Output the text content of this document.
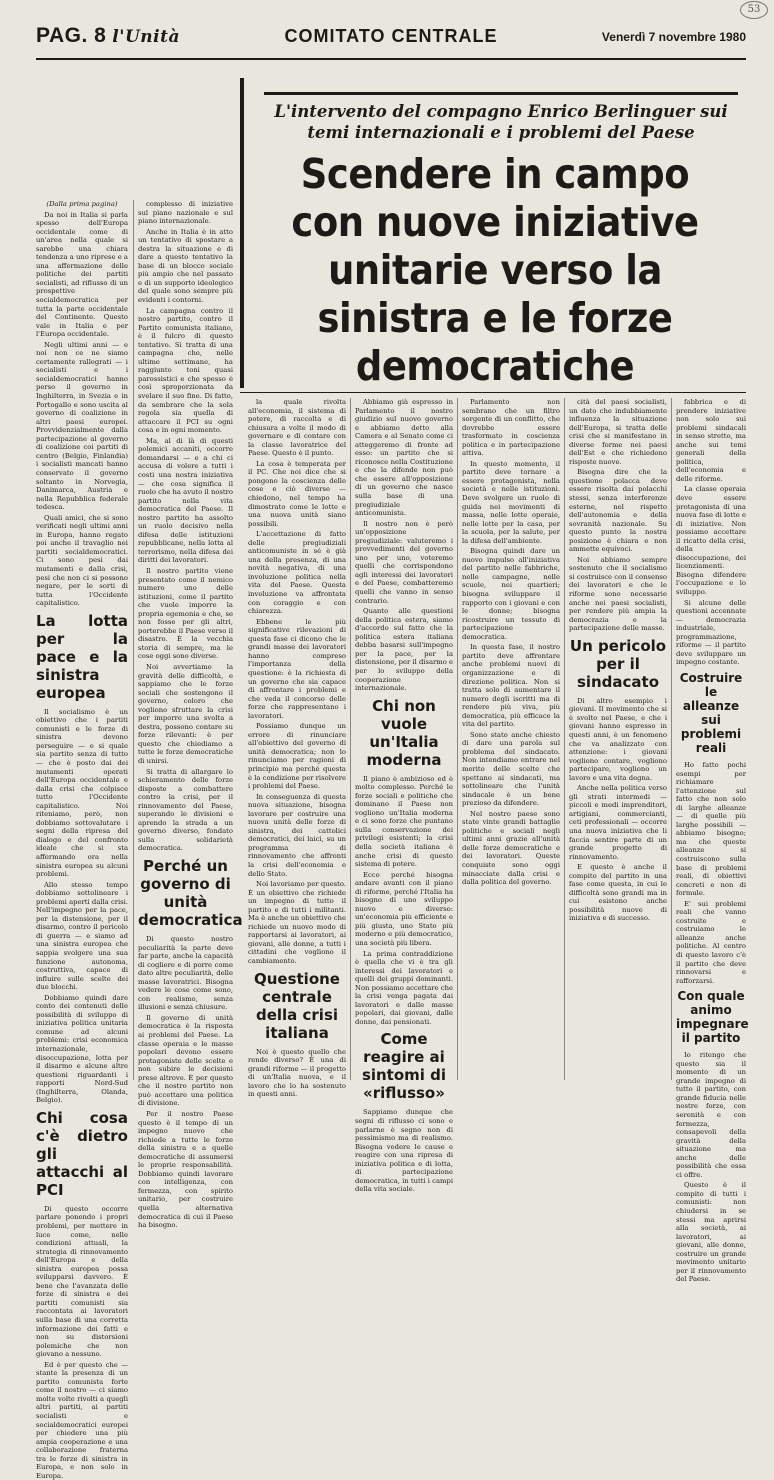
53
PAG. 8 l'Unità	COMITATO CENTRALE	Venerdì 7 novembre 1980
L'intervento del compagno Enrico Berlinguer sui temi internazionali e i problemi del Paese
Scendere in campo con nuove iniziative unitarie verso la sinistra e le forze democratiche
(Dalla prima pagina)

Da noi in Italia si parla spesso dell'Europa occidentale come di un'area nella quale si sarebbe una chiara tendenza a uno riprese e a una affermazione delle politiche dei partiti socialisti, ad riflusso di un prospettive socialdemocratica per tutta la parte occidentale del Continente. Questo vale in Italia e per l'Europa occidentale.

Negli ultimi anni — e noi non ce ne siamo certamente rallegrati — i socialisti e i socialdemocratici hanno perso il governo in Inghilterra, in Svezia e in Portogallo e sono uscita al governo di coalizione in altri paesi europei. Provvidenzialmente dalla partecipazione al governo di coalizione coi partiti di centro (Belgio, Finlandia) i socialisti mancati hanno conservato il governo soltanto in Norvegia, Danimarca, Austria e nella Repubblica federale tedesca.

Quali amici, che si sono verificati negli ultimi anni in Europa, hanno regato poi anche il travaglio nei partiti socialdemocratici. Ci sono pesi dai mutamenti e dalla crisi, pesi che non ci si possono negare, per le sorti di tutta l'Occidente capitalistico.

La lotta per la pace e la sinistra europea

Il socialismo è un obiettivo che i partiti comunisti e le forze di sinistra devono perseguire — e si quale sia partito senza di tutto — che è posto dai dei mutamenti operati dell'Europa occidentale e dalla crisi che colpisce tutto l'Occidente capitalistico. Noi riteniamo, però, non dobbiamo sottovalutare i segni della ripresa del dialogo e del confronto ideale che si sta affermando ora nella sinistra europea su alcuni problemi.

Allo stesso tempo dobbiamo sottolineare i problemi aperti dalla crisi. Nell'impegno per la pace, per la distensione, per il disarmo, contro il pericolo di guerra — e siamo ad una sinistra europea che sappia svolgere una sua funzione autonoma, costruttiva, capace di influire sulle scelte dei due blocchi.

Dobbiamo quindi dare conto dei contenuti delle possibilità di sviluppo di iniziativa politica unitaria comune ad alcuni problemi: crisi economica internazionale, disoccupazione, lotta per il disarmo e alcune altre questioni riguardanti i rapporti Nord-Sud (Inghilterra, Olanda, Belgio).

Chi cosa c'è dietro gli attacchi al PCI

Di questo occorre parlare ponendo i propri problemi, per mettere in luce come, nelle condizioni attuali, la strategia di rinnovamento dell'Europa e della sinistra europea possa svilupparsi davvero. È bene che l'avanzata delle forze di sinistra e dei partiti comunisti sia raccontata ai lavoratori sulla base di una corretta informazione dei fatti e non su distorsioni polemiche che non giovano a nessuno.

Ed è per questo che — stante la presenza di un partito comunista forte come il nostro — ci siamo molte volte rivolti a quegli altri partiti, ai partiti socialisti e socialdemocratici europei per chiedere una più ampia cooperazione e una collaborazione fraterna tra le forze di sinistra in Europa, e non solo in Europa.

complesso di iniziative sul piano nazionale e sul piano internazionale.

Anche in Italia è in atto un tentativo di spostare a destra la situazione e di dare a questo tentativo la base di un blocco sociale più ampio che nel passato e di un supporto ideologico del quale sono sempre più evidenti i contorni.

La campagna contro il nostro partito, contro il Partito comunista italiano, è il fulcro di questo tentativo. Si tratta di una campagna che, nelle ultime settimane, ha raggiunto toni quasi parossistici e che spesso è così sproporzionata da svelare il suo fine. Di fatto, da sembrare che la sola regola sia quella di attaccare il PCI su ogni cosa e in ogni momento.

Ma, al di là di questi polemici accaniti, occorre domandarsi — e a chi ci accusa di volere a tutti i costi una nostra iniziativa — che cosa significa il ruolo che ha avuto il nostro partito nella vita democratica del Paese. Il nostro partito ha assolto un ruolo decisivo nella difesa delle istituzioni repubblicane, nella lotta al terrorismo, nella difesa dei diritti dei lavoratori.

Il nostro partito viene presentato come il nemico numero uno delle istituzioni, come il partito che vuole imporre la propria egemonia e che, se non fosse per gli altri, porterebbe il Paese verso il disastro. È la vecchia storia di sempre, ma le cose oggi sono diverse.

Noi avvertiamo la gravità delle difficoltà, e sappiamo che le forze sociali che sostengono il governo, coloro che vogliono sfruttare la crisi per imporre una svolta a destra, possono contare su forze rilevanti: è per questo che chiediamo a tutte le forze democratiche di unirsi.

Si tratta di allargare lo schieramento delle forze disposte a combattere contro la crisi, per il rinnovamento del Paese, superando le divisioni e aprendo la strada a un governo diverso, fondato sulla solidarietà democratica.

Perché un governo di unità democratica

Di questo nostro peculiarità la parte deve far parte, anche la capacità di cogliere e di porre come dato altre peculiarità, delle masse lavoratrici. Bisogna vedere le cose come sono, con realismo, senza illusioni e senza chiusure.

Il governo di unità democratica è la risposta ai problemi del Paese. La classe operaia e le masse popolari devono essere protagoniste delle scelte e non subire le decisioni prese altrove. È per questo che il nostro partito non può accettare una politica di divisione.

Per il nostro Paese questo è il tempo di un impegno nuovo che richiede a tutte le forze della sinistra e a quelle democratiche di assumersi le proprie responsabilità. Dobbiamo quindi lavorare con intelligenza, con fermezza, con spirito unitario, per costruire quella alternativa democratica di cui il Paese ha bisogno.

la quale rivolta all'economia, il sistema di potere, di raccolta e di chiusura a volte il modo di governare e di contare con la classe lavoratrice del Paese. Questo è il punto.

La cosa è temperata per il PC. Che noi dice che si pongono la coscienza delle cose e ciò diverse — chiedono, nel tempo ha dimostrato come le lotte e una nuova unità siano possibili.

L'accettazione di fatto delle pregiudiziali anticomuniste in sé è già una della presenza, di una novità negativa, di una involuzione politica nella vita del Paese. Questa involuzione va affrontata con coraggio e con chiarezza.

Ebbene le più significative rilevazioni di questa fase ci dicono che le grandi masse dei lavoratori hanno compreso l'importanza della questione: è la richiesta di un governo che sia capace di affrontare i problemi e che veda il concorso delle forze che rappresentano i lavoratori.

Possiamo dunque un errore di rinunciare all'obiettivo del governo di unità democratica; non lo rinunciamo per ragioni di principio ma perché questa è la condizione per risolvere i problemi del Paese.

In conseguenza di questa nuova situazione, bisogna lavorare per costruire una nuova unità delle forze di sinistra, dei cattolici democratici, dei laici, su un programma di rinnovamento che affronti la crisi dell'economia e dello Stato.

Noi lavoriamo per questo. È un obiettivo che richiede un impegno di tutto il partito e di tutti i militanti. Ma è anche un obiettivo che richiede un nuovo modo di rapportarsi ai lavoratori, ai giovani, alle donne, a tutti i cittadini che vogliono il cambiamento.

Questione centrale della crisi italiana

Noi è questo quello che rende diverso? È una di grandi riforme — il progetto di un'Italia nuova, e il lavoro che lo ha sostenuto in questi anni.

Abbiamo già espresso in Parlamento il nostro giudizio sul nuovo governo e abbiamo detto alla Camera e al Senato come ci atteggeremo di fronte ad esso: un partito che si riconosce nella Costituzione e che la difende non può che essere all'opposizione di un governo che nasce sulla base di una pregiudiziale anticomunista.

Il nostro non è però un'opposizione pregiudiziale: valuteremo i provvedimenti del governo uno per uno, voteremo quelli che corrispondono agli interessi dei lavoratori e del Paese, combatteremo quelli che vanno in senso contrario.

Quanto alle questioni della politica estera, siamo d'accordo sul fatto che la politica estera italiana debba basarsi sull'impegno per la pace, per la distensione, per il disarmo e per lo sviluppo della cooperazione internazionale.

Chi non vuole un'Italia moderna

Il piano è ambizioso ed è molto complesso. Perché le forze sociali e politiche che dominano il Paese non vogliono un'Italia moderna e ci sono forze che puntano sulla conservazione dei privilegi esistenti; la crisi della società italiana è anche crisi di questo sistema di potere.

Ecco perché bisogna andare avanti con il piano di riforme, perché l'Italia ha bisogno di uno sviluppo nuovo e diverso: un'economia più efficiente e più giusta, uno Stato più moderno e più democratico, una società più libera.

La prima contraddizione è quella che vi è tra gli interessi dei lavoratori e quelli dei gruppi dominanti. Non possiamo accettare che la crisi venga pagata dai lavoratori e dalle masse popolari, dai giovani, dalle donne, dai pensionati.

Come reagire ai sintomi di «riflusso»

Sappiamo dunque che segni di riflusso ci sono e parlarne è segno non di pessimismo ma di realismo. Bisogna vedere le cause e reagire con una ripresa di iniziativa politica e di lotta, di partecipazione democratica, in tutti i campi della vita sociale.

Parlamento non sembrano che un filtro sorgente di un conflitto, che dovrebbe essere trasformato in coscienza politica e in partecipazione attiva.

In questo momento, il partito deve tornare a essere protagonista, nella società e nelle istituzioni. Deve svolgere un ruolo di guida nei movimenti di massa, nelle lotte operaie, nelle lotte per la casa, per la scuola, per la salute, per la difesa dell'ambiente.

Bisogna quindi dare un nuovo impulso all'iniziativa del partito nelle fabbriche, nelle campagne, nelle scuole, nei quartieri; bisogna sviluppare il rapporto con i giovani e con le donne; bisogna ricostruire un tessuto di partecipazione democratica.

In questa fase, il nostro partito deve affrontare anche problemi nuovi di organizzazione e di direzione politica. Non si tratta solo di aumentare il numero degli iscritti ma di rendere più viva, più democratica, più efficace la vita del partito.

Sono stato anche chiesto di dare una parola sul problema del sindacato. Non intendiamo entrare nel merito delle scelte che spettano ai sindacati, ma sottolineare che l'unità sindacale è un bene prezioso da difendere.

Nel nostro paese sono state vinte grandi battaglie politiche e sociali negli ultimi anni grazie all'unità delle forze democratiche e dei lavoratori. Queste conquiste sono oggi minacciate dalla crisi e dalla politica del governo.

cità del paesi socialisti, un dato che indubbiamente influenza la situazione dell'Europa, si tratta delle crisi che si manifestano in diverse forme nei paesi dell'Est e che richiedono risposte nuove.

Bisogna dire che la questione polacca deve essere risolta dai polacchi stessi, senza interferenze esterne, nel rispetto dell'autonomia e della sovranità nazionale. Su questo punto la nostra posizione è chiara e non ammette equivoci.

Noi abbiamo sempre sostenuto che il socialismo si costruisce con il consenso dei lavoratori e che le riforme sono necessarie anche nei paesi socialisti, per rendere più ampia la democrazia e la partecipazione delle masse.

Un pericolo per il sindacato

Di altro esempio i giovani. Il movimento che si è svolto nel Paese, e che i giovani hanno espresso in questi anni, è un fenomeno che va analizzato con attenzione: i giovani vogliono contare, vogliono partecipare, vogliono un lavoro e una vita degna.

Anche nella politica verso gli strati intermedi — piccoli e medi imprenditori, artigiani, commercianti, ceti professionali — occorre una nuova iniziativa che li faccia sentire parte di un grande progetto di rinnovamento.

E questo è anche il compito del partito in una fase come questa, in cui le difficoltà sono grandi ma in cui esistono anche possibilità nuove di iniziativa e di successo.

fabbrica e di prendere iniziative non solo sui problemi sindacali in senso stretto, ma anche sui temi generali della politica, dell'economia e delle riforme.

La classe operaia deve essere protagonista di una nuova fase di lotte e di iniziative. Non possiamo accettare il ricatto della crisi, della disoccupazione, dei licenziamenti. Bisogna difendere l'occupazione e lo sviluppo.

Si alcune delle questioni accennate — democrazia industriale, programmazione, riforme — il partito deve sviluppare un impegno costante.

Costruire le alleanze sui problemi reali

Ho fatto pochi esempi per richiamare l'attenzione sul fatto che non solo di larghe alleanze — di quelle più larghe possibili — abbiamo bisogno; ma che queste alleanze si costruiscono sulla base di problemi reali, di obiettivi concreti e non di formule.

E' sui problemi reali che vanno costruite e costruiamo le alleanze anche politiche. Al centro di questo lavoro c'è il partito che deve rinnovarsi e rafforzarsi.

Con quale animo impegnare il partito

Io ritengo che questo sia il momento di un grande impegno di tutto il partito, con grande fiducia nelle nostre forze, con serenità e con fermezza, consapevoli della gravità della situazione ma anche delle possibilità che essa ci offre.

Questo è il compito di tutti i comunisti: non chiudersi in se stessi ma aprirsi alla società, ai lavoratori, ai giovani, alle donne, costruire un grande movimento unitario per il rinnovamento del Paese.
